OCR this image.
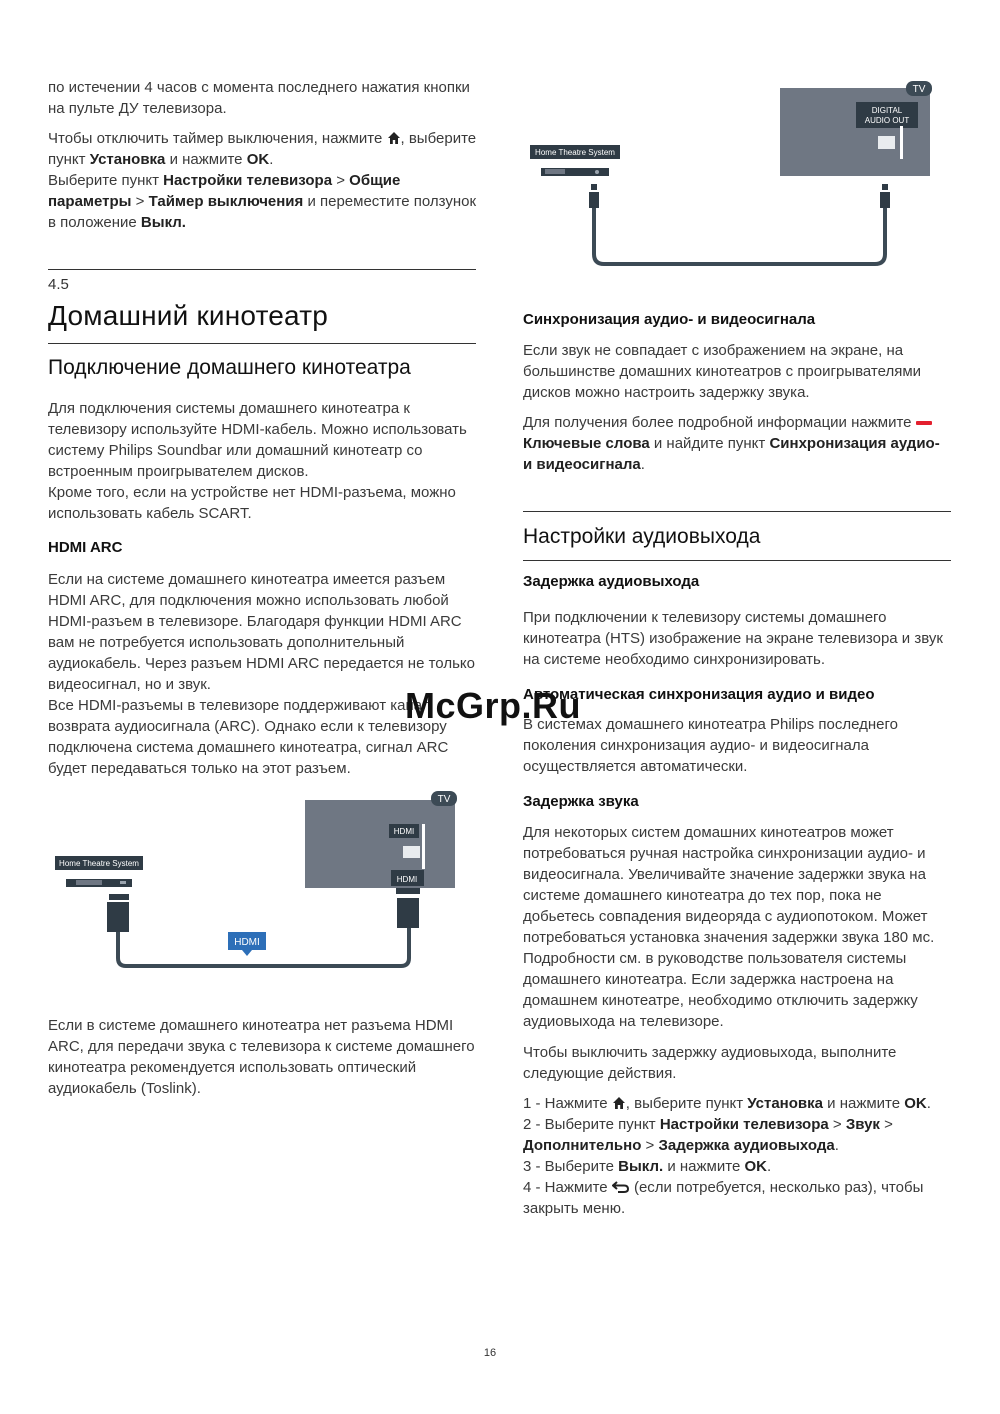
по истечении 4 часов с момента последнего нажатия кнопки на пульте ДУ телевизора.

Чтобы отключить таймер выключения, нажмите , выберите пункт Установка и нажмите OK.
Выберите пункт Настройки телевизора > Общие параметры > Таймер выключения и переместите ползунок в положение Выкл.

4.5
Домашний кинотеатр
Подключение домашнего кинотеатра

Для подключения системы домашнего кинотеатра к телевизору используйте HDMI-кабель. Можно использовать систему Philips Soundbar или домашний кинотеатр со встроенным проигрывателем дисков.
Кроме того, если на устройстве нет HDMI-разъема, можно использовать кабель SCART.

HDMI ARC

Если на системе домашнего кинотеатра имеется разъем HDMI ARC, для подключения можно использовать любой HDMI-разъем в телевизоре. Благодаря функции HDMI ARC вам не потребуется использовать дополнительный аудиокабель. Через разъем HDMI ARC передается не только видеосигнал, но и звук.
Все HDMI-разъемы в телевизоре поддерживают канал возврата аудиосигнала (ARC). Однако если к телевизору подключена система домашнего кинотеатра, сигнал ARC будет передаваться только на этот разъем.

TV
HDMI
HDMI
Home Theatre System
HDMI

Если в системе домашнего кинотеатра нет разъема HDMI ARC, для передачи звука с телевизора к системе домашнего кинотеатра рекомендуется использовать оптический аудиокабель (Toslink).

TV
DIGITAL
AUDIO OUT
Home Theatre System
Синхронизация аудио- и видеосигнала

Если звук не совпадает с изображением на экране, на большинстве домашних кинотеатров с проигрывателями дисков можно настроить задержку звука.

Для получения более подробной информации нажмите Ключевые слова и найдите пункт Синхронизация аудио- и видеосигнала.

Настройки аудиовыхода
Задержка аудиовыхода

При подключении к телевизору системы домашнего кинотеатра (HTS) изображение на экране телевизора и звук на системе необходимо синхронизировать.

Автоматическая синхронизация аудио и видео

В системах домашнего кинотеатра Philips последнего поколения синхронизация аудио- и видеосигнала осуществляется автоматически.

Задержка звука

Для некоторых систем домашних кинотеатров может потребоваться ручная настройка синхронизации аудио- и видеосигнала. Увеличивайте значение задержки звука на системе домашнего кинотеатра до тех пор, пока не добьетесь совпадения видеоряда с аудиопотоком. Может потребоваться установка значения задержки звука 180 мс. Подробности см. в руководстве пользователя системы домашнего кинотеатра. Если задержка настроена на домашнем кинотеатре, необходимо отключить задержку аудиовыхода на телевизоре.

Чтобы выключить задержку аудиовыхода, выполните следующие действия.

1 - Нажмите , выберите пункт Установка и нажмите OK.
2 - Выберите пункт Настройки телевизора > Звук > Дополнительно > Задержка аудиовыхода.
3 - Выберите Выкл. и нажмите OK.
4 - Нажмите  (если потребуется, несколько раз), чтобы закрыть меню.

McGrp.Ru
16
